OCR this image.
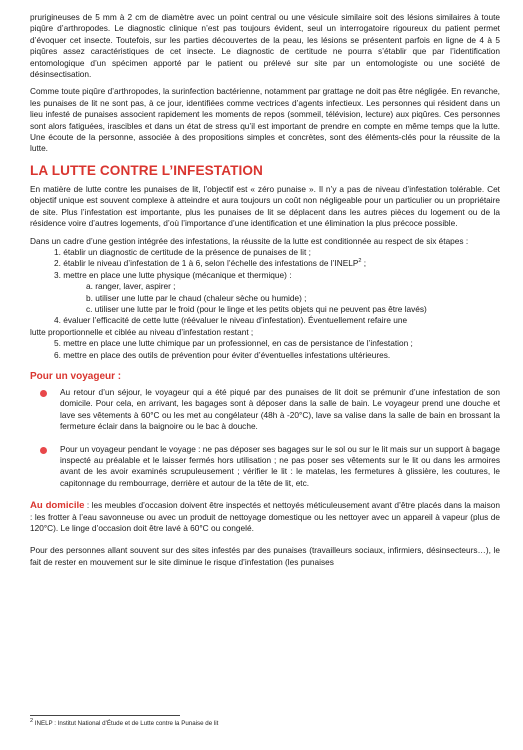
prurigineuses de 5 mm à 2 cm de diamètre avec un point central ou une vésicule similaire soit des lésions similaires à toute piqûre d’arthropodes. Le diagnostic clinique n’est pas toujours évident, seul un interrogatoire rigoureux du patient permet d’évoquer cet insecte. Toutefois, sur les parties découvertes de la peau, les lésions se présentent parfois en ligne de 4 à 5 piqûres assez caractéristiques de cet insecte. Le diagnostic de certitude ne pourra s’établir que par l’identification entomologique d’un spécimen apporté par le patient ou prélevé sur site par un entomologiste ou une société de désinsectisation.

Comme toute piqûre d’arthropodes, la surinfection bactérienne, notamment par grattage ne doit pas être négligée. En revanche, les punaises de lit ne sont pas, à ce jour, identifiées comme vectrices d’agents infectieux. Les personnes qui résident dans un lieu infesté de punaises associent rapidement les moments de repos (sommeil, télévision, lecture) aux piqûres. Ces personnes sont alors fatiguées, irascibles et dans un état de stress qu’il est important de prendre en compte en même temps que la lutte. Une écoute de la personne, associée à des propositions simples et concrètes, sont des éléments-clés pour la réussite de la lutte.

LA LUTTE CONTRE L’INFESTATION

En matière de lutte contre les punaises de lit, l’objectif est « zéro punaise ». Il n’y a pas de niveau d’infestation tolérable. Cet objectif unique est souvent complexe à atteindre et aura toujours un coût non négligeable pour un particulier ou un propriétaire de site. Plus l’infestation est importante, plus les punaises de lit se déplacent dans les autres pièces du logement ou de la résidence voire d’autres logements, d’où l’importance d’une identification et une élimination la plus précoce possible.

Dans un cadre d’une gestion intégrée des infestations, la réussite de la lutte est conditionnée au respect de six étapes :

1. établir un diagnostic de certitude de la présence de punaises de lit ;
2. établir le niveau d’infestation de 1 à 6, selon l’échelle des infestations de l’INELP$^2$ ;
3. mettre en place une lutte physique (mécanique et thermique) :
a. ranger, laver, aspirer ;
b. utiliser une lutte par le chaud (chaleur sèche ou humide) ;
c. utiliser une lutte par le froid (pour le linge et les petits objets qui ne peuvent pas être lavés)
4. évaluer l’efficacité de cette lutte (réévaluer le niveau d’infestation). Éventuellement refaire une
lutte proportionnelle et ciblée au niveau d’infestation restant ;
5. mettre en place une lutte chimique par un professionnel, en cas de persistance de l’infestation ;
6. mettre en place des outils de prévention pour éviter d’éventuelles infestations ultérieures.
Pour un voyageur :

Au retour d’un séjour, le voyageur qui a été piqué par des punaises de lit doit se prémunir d’une infestation de son domicile. Pour cela, en arrivant, les bagages sont à déposer dans la salle de bain. Le voyageur prend une douche et lave ses vêtements à 60°C ou les met au congélateur (48h à -20°C), lave sa valise dans la salle de bain en brossant la fermeture éclair dans la baignoire ou le bac à douche.

Pour un voyageur pendant le voyage : ne pas déposer ses bagages sur le sol ou sur le lit mais sur un support à bagage inspecté au préalable et le laisser fermés hors utilisation ; ne pas poser ses vêtements sur le lit ou dans les armoires avant de les avoir examinés scrupuleusement ; vérifier le lit : le matelas, les fermetures à glissière, les coutures, le capitonnage du rembourrage, derrière et autour de la tête de lit, etc.

Au domicile : les meubles d’occasion doivent être inspectés et nettoyés méticuleusement avant d’être placés dans la maison : les frotter à l’eau savonneuse ou avec un produit de nettoyage domestique ou les nettoyer avec un appareil à vapeur (plus de 120°C). Le linge d’occasion doit être lavé à 60°C ou congelé.

Pour des personnes allant souvent sur des sites infestés par des punaises (travailleurs sociaux, infirmiers, désinsecteurs…), le fait de rester en mouvement sur le site diminue le risque d’infestation (les punaises

$^2$ INELP : Institut National d’Étude et de Lutte contre la Punaise de lit
